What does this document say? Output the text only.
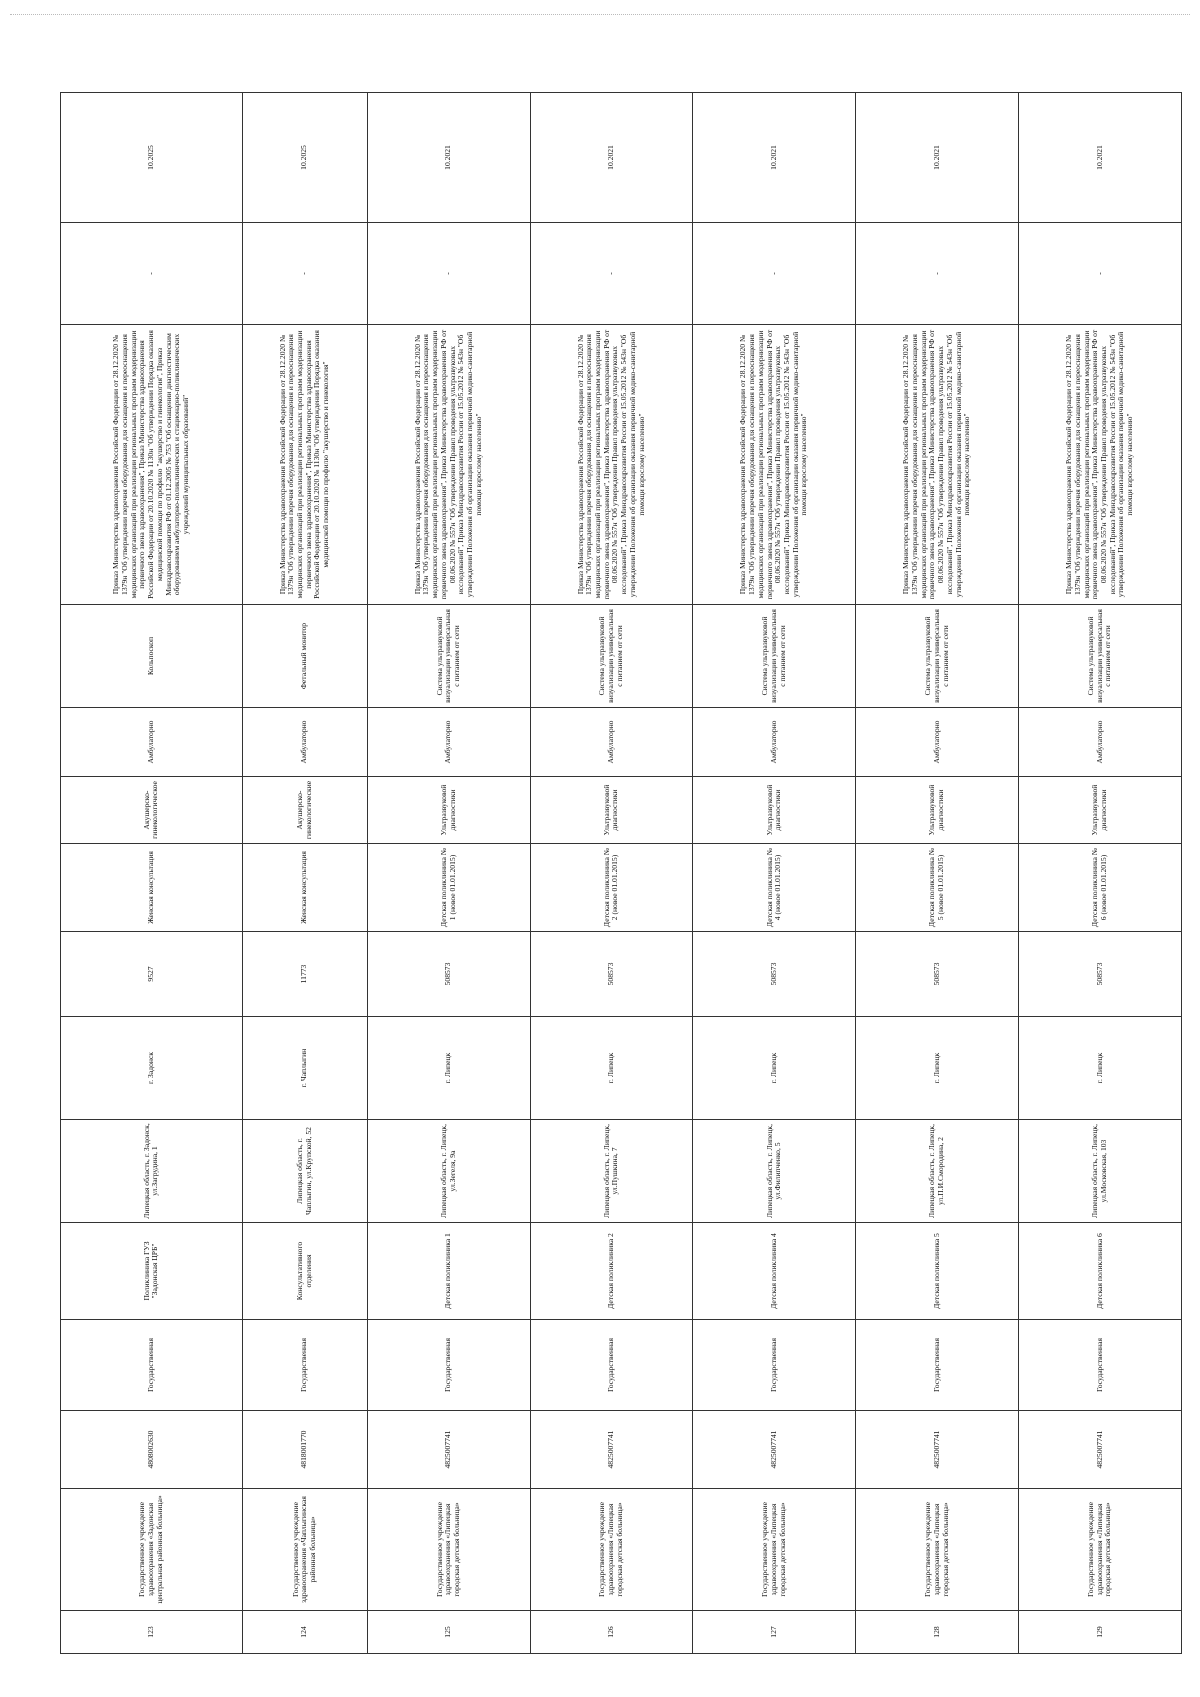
123	Государственное учреждение здравоохранения «Задонская центральная районная больница»	4808002630	Государственная	Поликлиника ГУЗ "Задонская ЦРБ"	Липецкая область, г. Задонск, ул.Загрудина, 1	г. Задонск	9527	Женская консультация	Акушерско-гинекологическое	Амбулаторно	Кольпоскоп	Приказ Министерства здравоохранения Российской Федерации от 28.12.2020 № 1379н "Об утверждении перечня оборудования для оснащения и переоснащения медицинских организаций при реализации региональных программ модернизации первичного звена здравоохранения", Приказ Министерства здравоохранения Российской Федерации от 20.10.2020 № 1130н "Об утверждении Порядка оказания медицинской помощи по профилю "акушерство и гинекология", Приказ Минздравсоцразвития РФ от 01.12.2005 № 753 "Об оснащении диагностическим оборудованием амбулаторно-поликлинических и стационарно-поликлинических учреждений муниципальных образований"	-	10.2025
124	Государственное учреждение здравоохранения «Чаплыгинская районная больница»	4818001770	Государственная	Консультативного отделения	Липецкая область, г. Чаплыгин, ул.Крупской, 52	г. Чаплыгин	11773	Женская консультация	Акушерско-гинекологические	Амбулаторно	Фетальный монитор	Приказ Министерства здравоохранения Российской Федерации от 28.12.2020 № 1379н "Об утверждении перечня оборудования для оснащения и переоснащения медицинских организаций при реализации региональных программ модернизации первичного звена здравоохранения", Приказ Министерства здравоохранения Российской Федерации от 20.10.2020 № 1130н "Об утверждении Порядка оказания медицинской помощи по профилю "акушерство и гинекология"	-	10.2025
125	Государственное учреждение здравоохранения «Липецкая городская детская больница»	4825007741	Государственная	Детская поликлиника 1	Липецкая область, г. Липецк, ул.Зегеля, 9а	г. Липецк	508573	Детская поликлиника № 1 (новое 01.01.2015)	Ультразвуковой диагностики	Амбулаторно	Система ультразвуковой визуализации универсальная с питанием от сети	Приказ Министерства здравоохранения Российской Федерации от 28.12.2020 № 1379н "Об утверждении перечня оборудования для оснащения и переоснащения медицинских организаций при реализации региональных программ модернизации первичного звена здравоохранения", Приказ Министерства здравоохранения РФ от 08.06.2020 № 557н "Об утверждении Правил проведения ультразвуковых исследований", Приказ Минздравсоцразвития России от 15.05.2012 № 543н "Об утверждении Положения об организации оказания первичной медико-санитарной помощи взрослому населению"	-	10.2021
126	Государственное учреждение здравоохранения «Липецкая городская детская больница»	4825007741	Государственная	Детская поликлиника 2	Липецкая область, г. Липецк, ул.Пушкина, 7	г. Липецк	508573	Детская поликлиника № 2 (новое 01.01.2015)	Ультразвуковой диагностики	Амбулаторно	Система ультразвуковой визуализации универсальная с питанием от сети	Приказ Министерства здравоохранения Российской Федерации от 28.12.2020 № 1379н "Об утверждении перечня оборудования для оснащения и переоснащения медицинских организаций при реализации региональных программ модернизации первичного звена здравоохранения", Приказ Министерства здравоохранения РФ от 08.06.2020 № 557н "Об утверждении Правил проведения ультразвуковых исследований", Приказ Минздравсоцразвития России от 15.05.2012 № 543н "Об утверждении Положения об организации оказания первичной медико-санитарной помощи взрослому населению"	-	10.2021
127	Государственное учреждение здравоохранения «Липецкая городская детская больница»	4825007741	Государственная	Детская поликлиника 4	Липецкая область, г. Липецк, ул.Филипченко, 5	г. Липецк	508573	Детская поликлиника № 4 (новое 01.01.2015)	Ультразвуковой диагностики	Амбулаторно	Система ультразвуковой визуализации универсальная с питанием от сети	Приказ Министерства здравоохранения Российской Федерации от 28.12.2020 № 1379н "Об утверждении перечня оборудования для оснащения и переоснащения медицинских организаций при реализации региональных программ модернизации первичного звена здравоохранения", Приказ Министерства здравоохранения РФ от 08.06.2020 № 557н "Об утверждении Правил проведения ультразвуковых исследований", Приказ Минздравсоцразвития России от 15.05.2012 № 543н "Об утверждении Положения об организации оказания первичной медико-санитарной помощи взрослому населению"	-	10.2021
128	Государственное учреждение здравоохранения «Липецкая городская детская больница»	4825007741	Государственная	Детская поликлиника 5	Липецкая область, г. Липецк, ул.П.И.Смородина, 2	г. Липецк	508573	Детская поликлиника № 5 (новое 01.01.2015)	Ультразвуковой диагностики	Амбулаторно	Система ультразвуковой визуализации универсальная с питанием от сети	Приказ Министерства здравоохранения Российской Федерации от 28.12.2020 № 1379н "Об утверждении перечня оборудования для оснащения и переоснащения медицинских организаций при реализации региональных программ модернизации первичного звена здравоохранения", Приказ Министерства здравоохранения РФ от 08.06.2020 № 557н "Об утверждении Правил проведения ультразвуковых исследований", Приказ Минздравсоцразвития России от 15.05.2012 № 543н "Об утверждении Положения об организации оказания первичной медико-санитарной помощи взрослому населению"	-	10.2021
129	Государственное учреждение здравоохранения «Липецкая городская детская больница»	4825007741	Государственная	Детская поликлиника 6	Липецкая область, г. Липецк, ул.Московская, 103	г. Липецк	508573	Детская поликлиника № 6 (новое 01.01.2015)	Ультразвуковой диагностики	Амбулаторно	Система ультразвуковой визуализации универсальная с питанием от сети	Приказ Министерства здравоохранения Российской Федерации от 28.12.2020 № 1379н "Об утверждении перечня оборудования для оснащения и переоснащения медицинских организаций при реализации региональных программ модернизации первичного звена здравоохранения", Приказ Министерства здравоохранения РФ от 08.06.2020 № 557н "Об утверждении Правил проведения ультразвуковых исследований", Приказ Минздравсоцразвития России от 15.05.2012 № 543н "Об утверждении Положения об организации оказания первичной медико-санитарной помощи взрослому населению"	-	10.2021
